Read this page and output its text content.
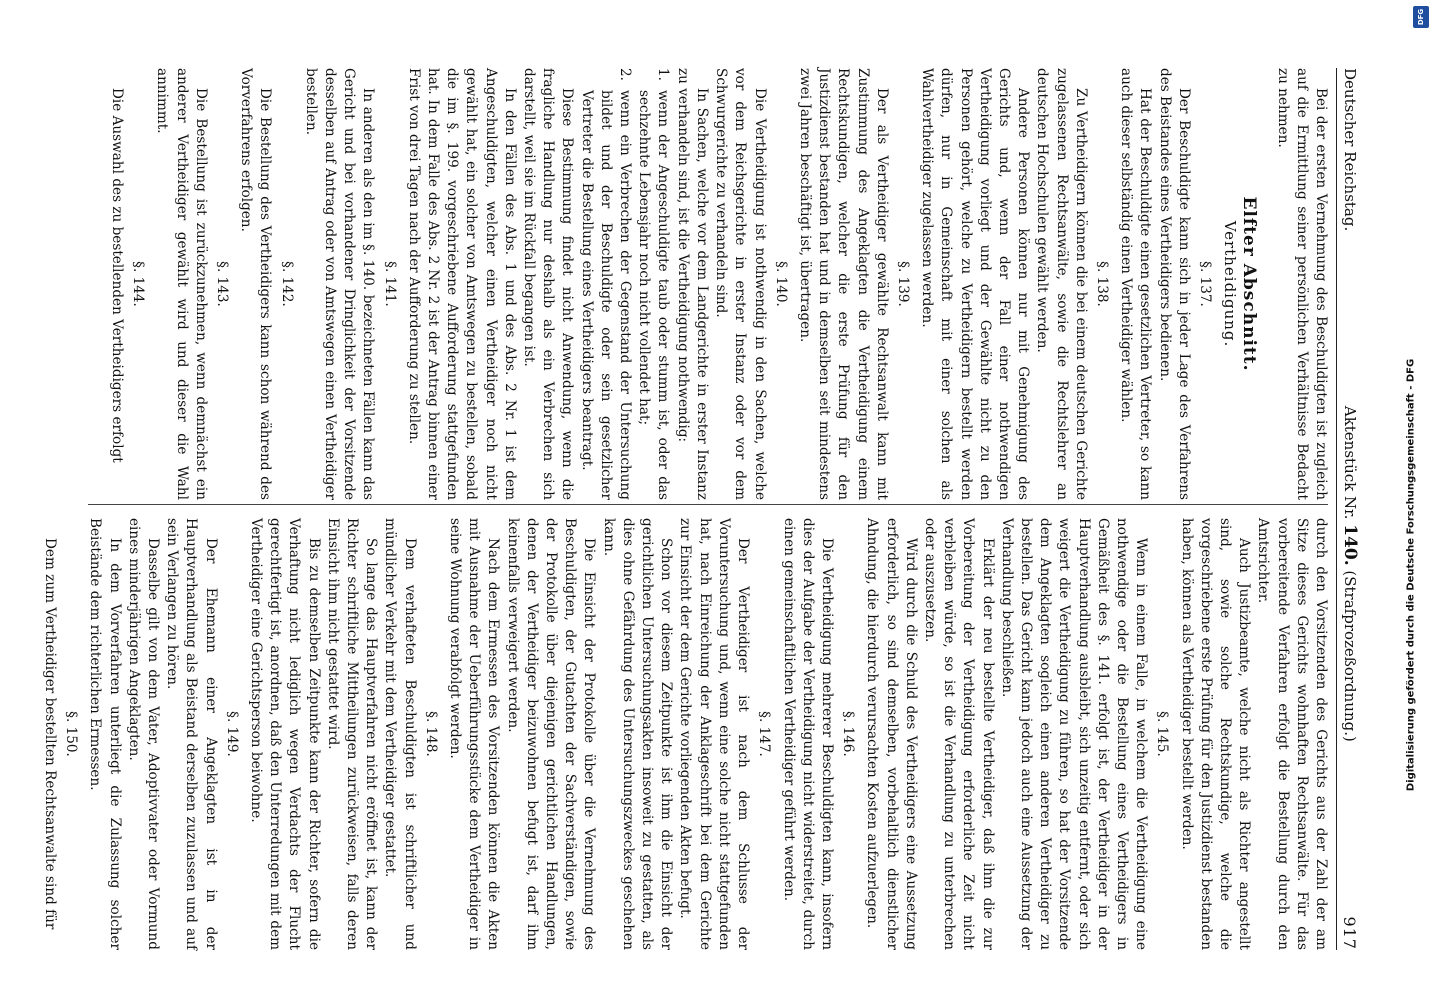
Deutscher Reichstag.
Aktenstück Nr. 140. (Strafprozeßordnung.)
917

Bei der ersten Vernehmung des Beschuldigten ist zugleich auf die Ermittlung seiner persönlichen Verhältnisse Bedacht zu nehmen.

Elfter Abschnitt.
Vertheidigung.
§. 137.

Der Beschuldigte kann sich in jeder Lage des Verfahrens des Beistandes eines Vertheidigers bedienen.

Hat der Beschuldigte einen gesetzlichen Vertreter, so kann auch dieser selbständig einen Vertheidiger wählen.

§. 138.

Zu Vertheidigern können die bei einem deutschen Gerichte zugelassenen Rechtsanwälte, sowie die Rechtslehrer an deutschen Hochschulen gewählt werden.

Andere Personen können nur mit Genehmigung des Gerichts und, wenn der Fall einer nothwendigen Vertheidigung vorliegt und der Gewählte nicht zu den Personen gehört, welche zu Vertheidigern bestellt werden dürfen, nur in Gemeinschaft mit einer solchen als Wahlvertheidiger zugelassen werden.

§. 139.

Der als Vertheidiger gewählte Rechtsanwalt kann mit Zustimmung des Angeklagten die Vertheidigung einem Rechtskundigen, welcher die erste Prüfung für den Justizdienst bestanden hat und in demselben seit mindestens zwei Jahren beschäftigt ist, übertragen.

§. 140.

Die Vertheidigung ist nothwendig in den Sachen, welche vor dem Reichsgerichte in erster Instanz oder vor dem Schwurgerichte zu verhandeln sind.

In Sachen, welche vor dem Landgerichte in erster Instanz zu verhandeln sind, ist die Vertheidigung nothwendig:

1.
wenn der Angeschuldigte taub oder stumm ist, oder das sechzehnte Lebensjahr noch nicht vollendet hat;
2.
wenn ein Verbrechen der Gegenstand der Untersuchung bildet und der Beschuldigte oder sein gesetzlicher Vertreter die Bestellung eines Vertheidigers beantragt.

Diese Bestimmung findet nicht Anwendung, wenn die fragliche Handlung nur deshalb als ein Verbrechen sich darstellt, weil sie im Rückfall begangen ist.

In den Fällen des Abs. 1 und des Abs. 2 Nr. 1 ist dem Angeschuldigten, welcher einen Vertheidiger noch nicht gewählt hat, ein solcher von Amtswegen zu bestellen, sobald die im §. 199. vorgeschriebene Aufforderung stattgefunden hat. In dem Falle des Abs. 2 Nr. 2 ist der Antrag binnen einer Frist von drei Tagen nach der Aufforderung zu stellen.

§. 141.

In anderen als den im §. 140. bezeichneten Fällen kann das Gericht und bei vorhandener Dringlichkeit der Vorsitzende desselben auf Antrag oder von Amtswegen einen Vertheidiger bestellen.

§. 142.

Die Bestellung des Vertheidigers kann schon während des Vorverfahrens erfolgen.

§. 143.

Die Bestellung ist zurückzunehmen, wenn demnächst ein anderer Vertheidiger gewählt wird und dieser die Wahl annimmt.

§. 144.

Die Auswahl des zu bestellenden Vertheidigers erfolgt

durch den Vorsitzenden des Gerichts aus der Zahl der am Sitze dieses Gerichts wohnhaften Rechtsanwälte. Für das vorbereitende Verfahren erfolgt die Bestellung durch den Amtsrichter.

Auch Justizbeamte, welche nicht als Richter angestellt sind, sowie solche Rechtskundige, welche die vorgeschriebene erste Prüfung für den Justizdienst bestanden haben, können als Vertheidiger bestellt werden.

§. 145.

Wenn in einem Falle, in welchem die Vertheidigung eine nothwendige oder die Bestellung eines Vertheidigers in Gemäßheit des §. 141. erfolgt ist, der Vertheidiger in der Hauptverhandlung ausbleibt, sich unzeitig entfernt, oder sich weigert die Vertheidigung zu führen, so hat der Vorsitzende dem Angeklagten sogleich einen anderen Vertheidiger zu bestellen. Das Gericht kann jedoch auch eine Aussetzung der Verhandlung beschließen.

Erklärt der neu bestellte Vertheidiger, daß ihm die zur Vorbereitung der Vertheidigung erforderliche Zeit nicht verbleiben würde, so ist die Verhandlung zu unterbrechen oder auszusetzen.

Wird durch die Schuld des Vertheidigers eine Aussetzung erforderlich, so sind demselben, vorbehaltlich dienstlicher Ahndung, die hierdurch verursachten Kosten aufzuerlegen.

§. 146.

Die Vertheidigung mehrerer Beschuldigten kann, insofern dies der Aufgabe der Vertheidigung nicht widerstreitet, durch einen gemeinschaftlichen Vertheidiger geführt werden.

§. 147.

Der Vertheidiger ist nach dem Schlusse der Voruntersuchung und, wenn eine solche nicht stattgefunden hat, nach Einreichung der Anklageschrift bei dem Gerichte zur Einsicht der dem Gerichte vorliegenden Akten befugt.

Schon vor diesem Zeitpunkte ist ihm die Einsicht der gerichtlichen Untersuchungsakten insoweit zu gestatten, als dies ohne Gefährdung des Untersuchungszweckes geschehen kann.

Die Einsicht der Protokolle über die Vernehmung des Beschuldigten, der Gutachten der Sachverständigen, sowie der Protokolle über diejenigen gerichtlichen Handlungen, denen der Vertheidiger beizuwohnen befugt ist, darf ihm keinenfalls verweigert werden.

Nach dem Ermessen des Vorsitzenden können die Akten mit Ausnahme der Ueberführungsstücke dem Vertheidiger in seine Wohnung verabfolgt werden.

§. 148.

Dem verhafteten Beschuldigten ist schriftlicher und mündlicher Verkehr mit dem Vertheidiger gestattet.

So lange das Hauptverfahren nicht eröffnet ist, kann der Richter schriftliche Mittheilungen zurückweisen, falls deren Einsicht ihm nicht gestattet wird.

Bis zu demselben Zeitpunkte kann der Richter, sofern die Verhaftung nicht lediglich wegen Verdachts der Flucht gerechtfertigt ist, anordnen, daß den Unterredungen mit dem Vertheidiger eine Gerichtsperson beiwohne.

§. 149.

Der Ehemann einer Angeklagten ist in der Hauptverhandlung als Beistand derselben zuzulassen und auf sein Verlangen zu hören.

Dasselbe gilt von dem Vater, Adoptivvater oder Vormund eines minderjährigen Angeklagten.

In dem Vorverfahren unterliegt die Zulassung solcher Beistände dem richterlichen Ermessen.

§. 150.

Dem zum Vertheidiger bestellten Rechtsanwalte sind für	Digitalisierung gefördert durch die Deutsche Forschungsgemeinschaft - DFG
DFG
